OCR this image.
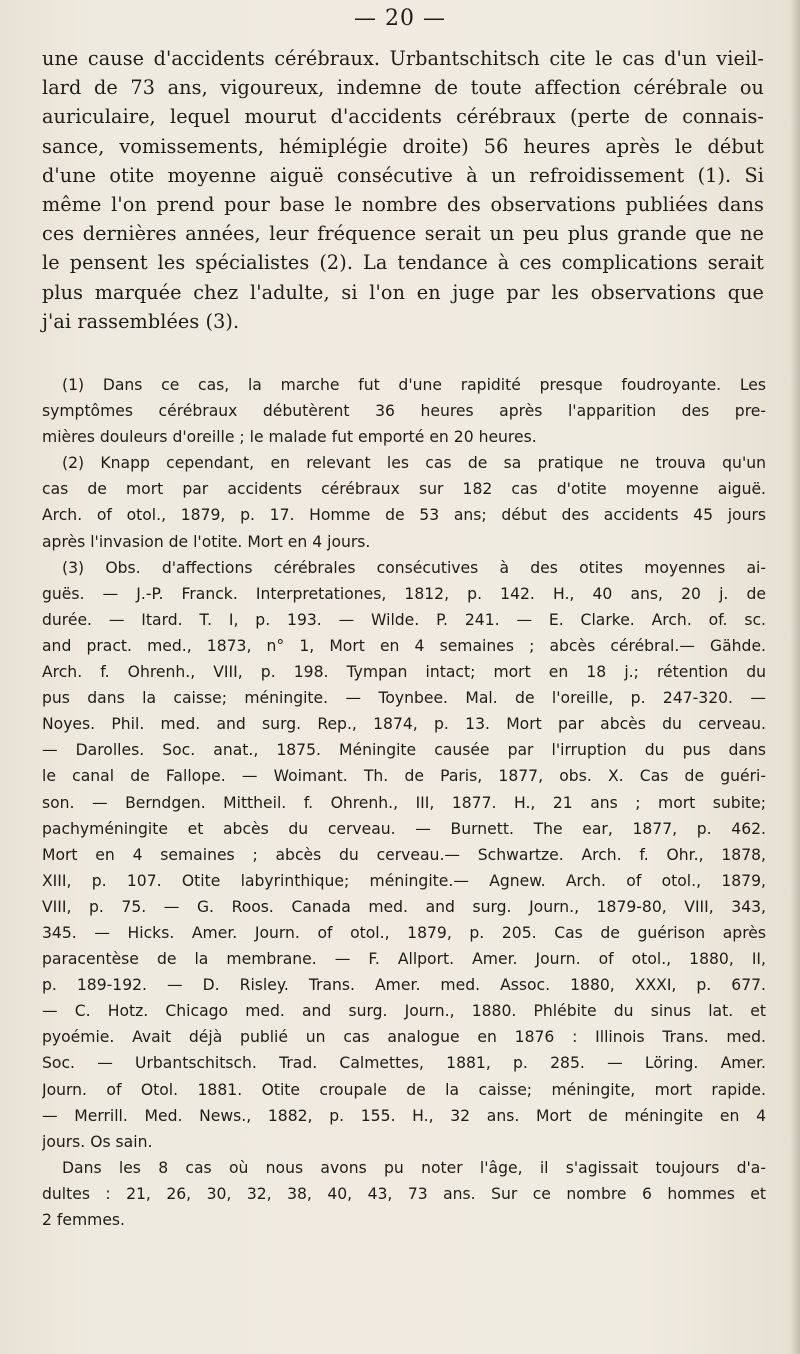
— 20 —
une cause d'accidents cérébraux. Urbantschitsch cite le cas d'un vieil-
lard de 73 ans, vigoureux, indemne de toute affection cérébrale ou
auriculaire, lequel mourut d'accidents cérébraux (perte de connais-
sance, vomissements, hémiplégie droite) 56 heures après le début
d'une otite moyenne aiguë consécutive à un refroidissement (1). Si
même l'on prend pour base le nombre des observations publiées dans
ces dernières années, leur fréquence serait un peu plus grande que ne
le pensent les spécialistes (2). La tendance à ces complications serait
plus marquée chez l'adulte, si l'on en juge par les observations que
j'ai rassemblées (3).
(1) Dans ce cas, la marche fut d'une rapidité presque foudroyante. Les
symptômes cérébraux débutèrent 36 heures après l'apparition des pre-
mières douleurs d'oreille ; le malade fut emporté en 20 heures.
(2) Knapp cependant, en relevant les cas de sa pratique ne trouva qu'un
cas de mort par accidents cérébraux sur 182 cas d'otite moyenne aiguë.
Arch. of otol., 1879, p. 17. Homme de 53 ans; début des accidents 45 jours
après l'invasion de l'otite. Mort en 4 jours.
(3) Obs. d'affections cérébrales consécutives à des otites moyennes ai-
guës. — J.-P. Franck. Interpretationes, 1812, p. 142. H., 40 ans, 20 j. de
durée. — Itard. T. I, p. 193. — Wilde. P. 241. — E. Clarke. Arch. of. sc.
and pract. med., 1873, n° 1, Mort en 4 semaines ; abcès cérébral.— Gähde.
Arch. f. Ohrenh., VIII, p. 198. Tympan intact; mort en 18 j.; rétention du
pus dans la caisse; méningite. — Toynbee. Mal. de l'oreille, p. 247-320. —
Noyes. Phil. med. and surg. Rep., 1874, p. 13. Mort par abcès du cerveau.
— Darolles. Soc. anat., 1875. Méningite causée par l'irruption du pus dans
le canal de Fallope. — Woimant. Th. de Paris, 1877, obs. X. Cas de guéri-
son. — Berndgen. Mittheil. f. Ohrenh., III, 1877. H., 21 ans ; mort subite;
pachyméningite et abcès du cerveau. — Burnett. The ear, 1877, p. 462.
Mort en 4 semaines ; abcès du cerveau.— Schwartze. Arch. f. Ohr., 1878,
XIII, p. 107. Otite labyrinthique; méningite.— Agnew. Arch. of otol., 1879,
VIII, p. 75. — G. Roos. Canada med. and surg. Journ., 1879-80, VIII, 343,
345. — Hicks. Amer. Journ. of otol., 1879, p. 205. Cas de guérison après
paracentèse de la membrane. — F. Allport. Amer. Journ. of otol., 1880, II,
p. 189-192. — D. Risley. Trans. Amer. med. Assoc. 1880, XXXI, p. 677.
— C. Hotz. Chicago med. and surg. Journ., 1880. Phlébite du sinus lat. et
pyoémie. Avait déjà publié un cas analogue en 1876 : Illinois Trans. med.
Soc. — Urbantschitsch. Trad. Calmettes, 1881, p. 285. — Löring. Amer.
Journ. of Otol. 1881. Otite croupale de la caisse; méningite, mort rapide.
— Merrill. Med. News., 1882, p. 155. H., 32 ans. Mort de méningite en 4
jours. Os sain.
Dans les 8 cas où nous avons pu noter l'âge, il s'agissait toujours d'a-
dultes : 21, 26, 30, 32, 38, 40, 43, 73 ans. Sur ce nombre 6 hommes et
2 femmes.
